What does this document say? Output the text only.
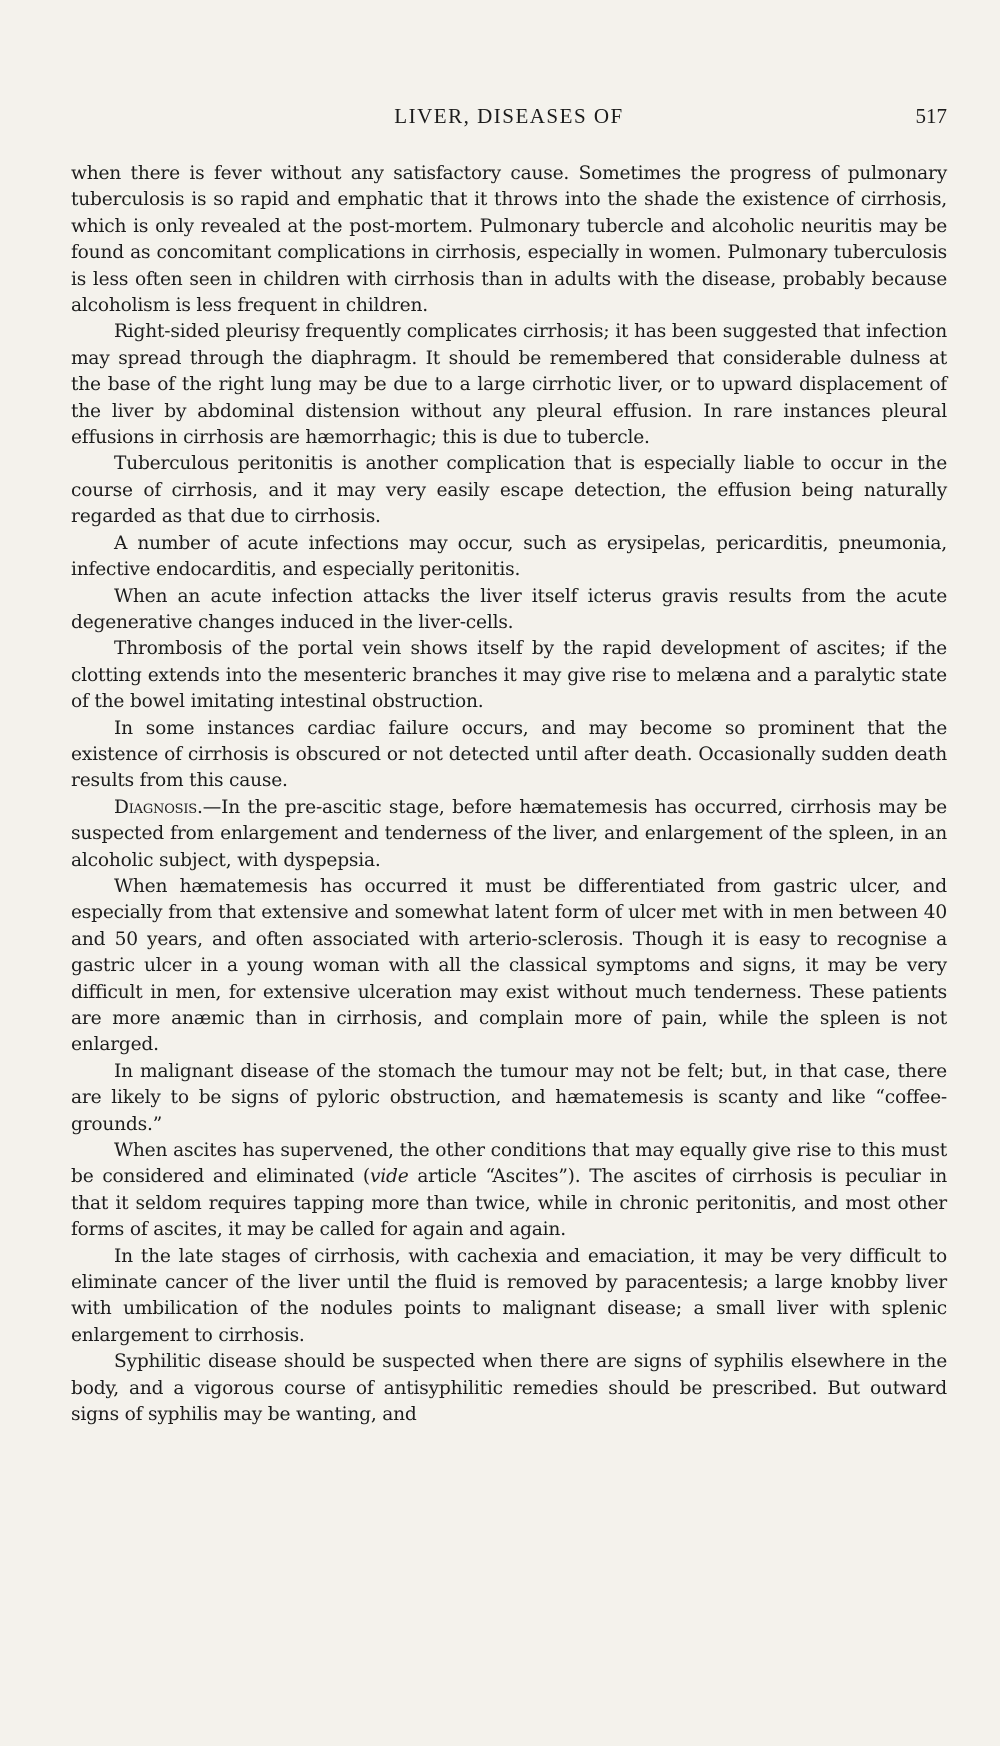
LIVER, DISEASES OF	517

when there is fever without any satisfactory cause. Sometimes the progress of pulmonary tuberculosis is so rapid and emphatic that it throws into the shade the existence of cirrhosis, which is only revealed at the post-mortem. Pulmonary tubercle and alcoholic neuritis may be found as concomitant complications in cirrhosis, especially in women. Pulmonary tuberculosis is less often seen in children with cirrhosis than in adults with the disease, probably because alcoholism is less frequent in children.

Right-sided pleurisy frequently complicates cirrhosis; it has been suggested that infection may spread through the diaphragm. It should be remembered that considerable dulness at the base of the right lung may be due to a large cirrhotic liver, or to upward displacement of the liver by abdominal distension without any pleural effusion. In rare instances pleural effusions in cirrhosis are hæmorrhagic; this is due to tubercle.

Tuberculous peritonitis is another complication that is especially liable to occur in the course of cirrhosis, and it may very easily escape detection, the effusion being naturally regarded as that due to cirrhosis.

A number of acute infections may occur, such as erysipelas, pericarditis, pneumonia, infective endocarditis, and especially peritonitis.

When an acute infection attacks the liver itself icterus gravis results from the acute degenerative changes induced in the liver-cells.

Thrombosis of the portal vein shows itself by the rapid development of ascites; if the clotting extends into the mesenteric branches it may give rise to melæna and a paralytic state of the bowel imitating intestinal obstruction.

In some instances cardiac failure occurs, and may become so prominent that the existence of cirrhosis is obscured or not detected until after death. Occasionally sudden death results from this cause.

Diagnosis.—In the pre-ascitic stage, before hæmatemesis has occurred, cirrhosis may be suspected from enlargement and tenderness of the liver, and enlargement of the spleen, in an alcoholic subject, with dyspepsia.

When hæmatemesis has occurred it must be differentiated from gastric ulcer, and especially from that extensive and somewhat latent form of ulcer met with in men between 40 and 50 years, and often associated with arterio-sclerosis. Though it is easy to recognise a gastric ulcer in a young woman with all the classical symptoms and signs, it may be very difficult in men, for extensive ulceration may exist without much tenderness. These patients are more anæmic than in cirrhosis, and complain more of pain, while the spleen is not enlarged.

In malignant disease of the stomach the tumour may not be felt; but, in that case, there are likely to be signs of pyloric obstruction, and hæmatemesis is scanty and like “coffee-grounds.”

When ascites has supervened, the other conditions that may equally give rise to this must be considered and eliminated (vide article “Ascites”). The ascites of cirrhosis is peculiar in that it seldom requires tapping more than twice, while in chronic peritonitis, and most other forms of ascites, it may be called for again and again.

In the late stages of cirrhosis, with cachexia and emaciation, it may be very difficult to eliminate cancer of the liver until the fluid is removed by paracentesis; a large knobby liver with umbilication of the nodules points to malignant disease; a small liver with splenic enlargement to cirrhosis.

Syphilitic disease should be suspected when there are signs of syphilis elsewhere in the body, and a vigorous course of antisyphilitic remedies should be prescribed. But outward signs of syphilis may be wanting, and
